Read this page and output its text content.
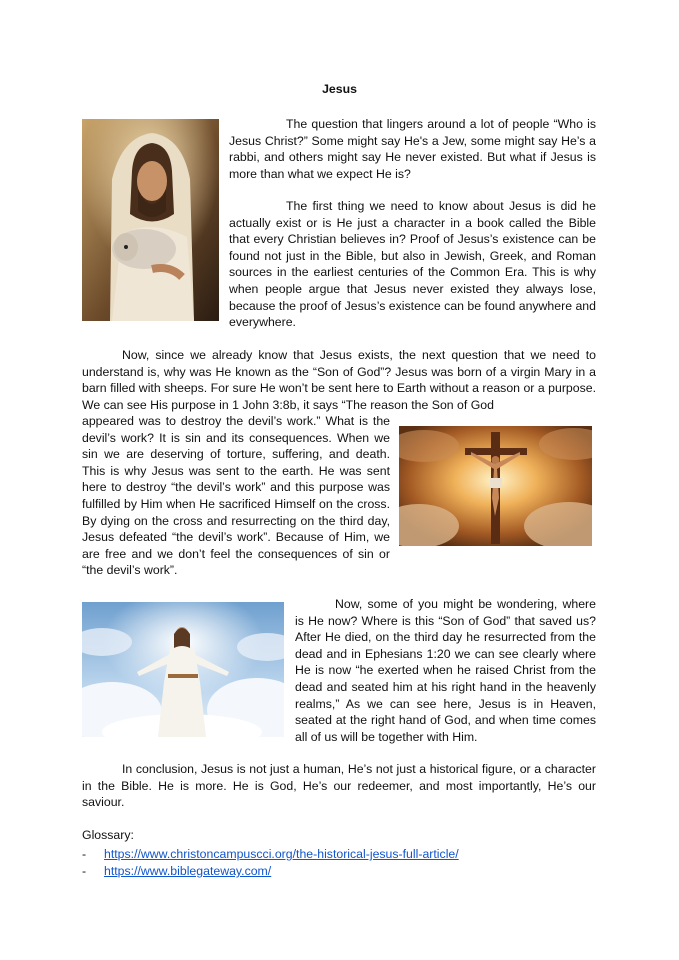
Jesus

The question that lingers around a lot of people “Who is Jesus Christ?” Some might say He's a Jew, some might say He’s a rabbi, and others might say He never existed. But what if Jesus is more than what we expect He is?

The first thing we need to know about Jesus is did he actually exist or is He just a character in a book called the Bible that every Christian believes in? Proof of Jesus’s existence can be found not just in the Bible, but also in Jewish, Greek, and Roman sources in the earliest centuries of the Common Era. This is why when people argue that Jesus never existed they always lose, because the proof of Jesus’s existence can be found anywhere and everywhere.

Now, since we already know that Jesus exists, the next question that we need to understand is, why was He known as the “Son of God”? Jesus was born of a virgin Mary in a barn filled with sheeps. For sure He won’t be sent here to Earth without a reason or a purpose. We can see His purpose in 1 John 3:8b, it says “The reason the Son of God

appeared was to destroy the devil’s work.” What is the devil’s work? It is sin and its consequences. When we sin we are deserving of torture, suffering, and death. This is why Jesus was sent to the earth. He was sent here to destroy “the devil’s work” and this purpose was fulfilled by Him when He sacrificed Himself on the cross. By dying on the cross and resurrecting on the third day, Jesus defeated “the devil’s work”. Because of Him, we are free and we don’t feel the consequences of sin or “the devil’s work”.

Now, some of you might be wondering, where is He now? Where is this “Son of God” that saved us? After He died, on the third day he resurrected from the dead and in Ephesians 1:20 we can see clearly where He is now “he exerted when he raised Christ from the dead and seated him at his right hand in the heavenly realms,” As we can see here, Jesus is in Heaven, seated at the right hand of God, and when time comes all of us will be together with Him.

In conclusion, Jesus is not just a human, He’s not just a historical figure, or a character in the Bible. He is more. He is God, He’s our redeemer, and most importantly, He’s our saviour.

Glossary:
- https://www.christoncampuscci.org/the-historical-jesus-full-article/
- https://www.biblegateway.com/
